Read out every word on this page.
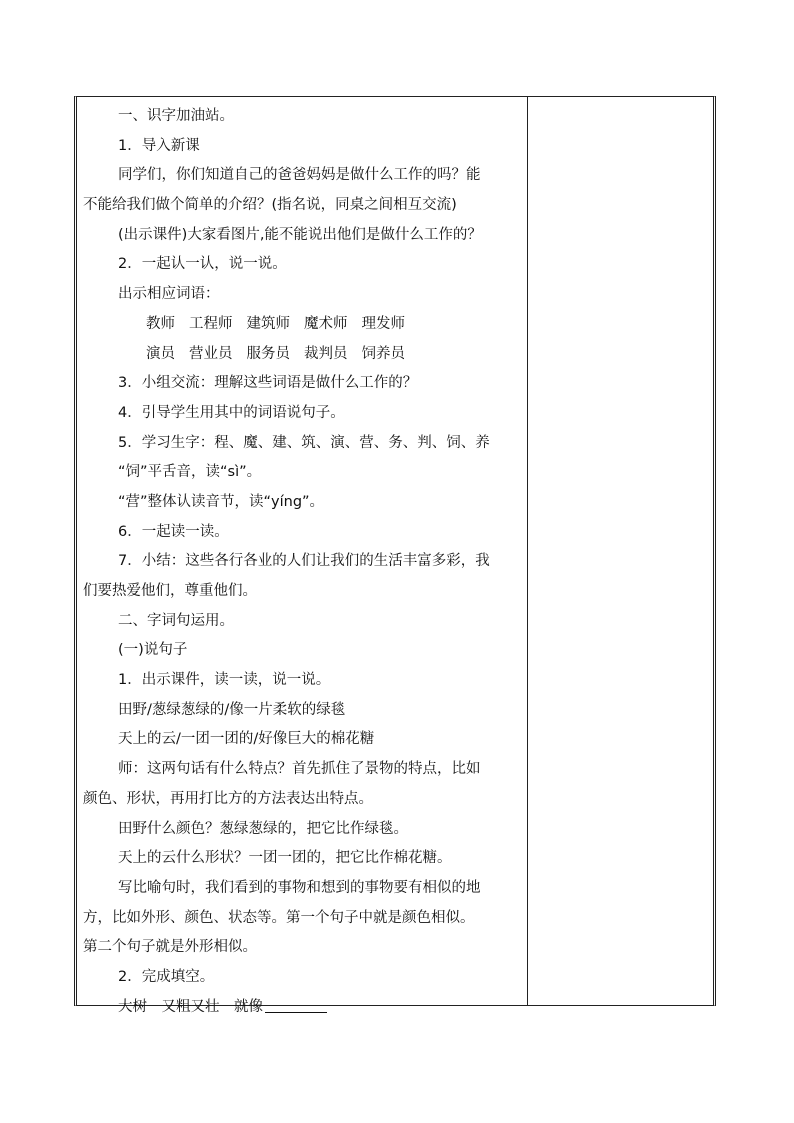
一、识字加油站。
1．导入新课
同学们，你们知道自己的爸爸妈妈是做什么工作的吗？能
不能给我们做个简单的介绍？(指名说，同桌之间相互交流)
(出示课件)大家看图片,能不能说出他们是做什么工作的？
2．一起认一认，说一说。
出示相应词语：
教师 工程师 建筑师 魔术师 理发师
演员 营业员 服务员 裁判员 饲养员
3．小组交流：理解这些词语是做什么工作的？
4．引导学生用其中的词语说句子。
5．学习生字：程、魔、建、筑、演、营、务、判、饲、养
“饲”平舌音，读“sì”。
“营”整体认读音节，读“yíng”。
6．一起读一读。
7．小结：这些各行各业的人们让我们的生活丰富多彩，我
们要热爱他们，尊重他们。
二、字词句运用。
(一)说句子
1．出示课件，读一读，说一说。
田野/葱绿葱绿的/像一片柔软的绿毯
天上的云/一团一团的/好像巨大的棉花糖
师：这两句话有什么特点？首先抓住了景物的特点，比如
颜色、形状，再用打比方的方法表达出特点。
田野什么颜色？葱绿葱绿的，把它比作绿毯。
天上的云什么形状？一团一团的，把它比作棉花糖。
写比喻句时，我们看到的事物和想到的事物要有相似的地
方，比如外形、颜色、状态等。第一个句子中就是颜色相似。
第二个句子就是外形相似。
2．完成填空。
大树　又粗又壮　就像
